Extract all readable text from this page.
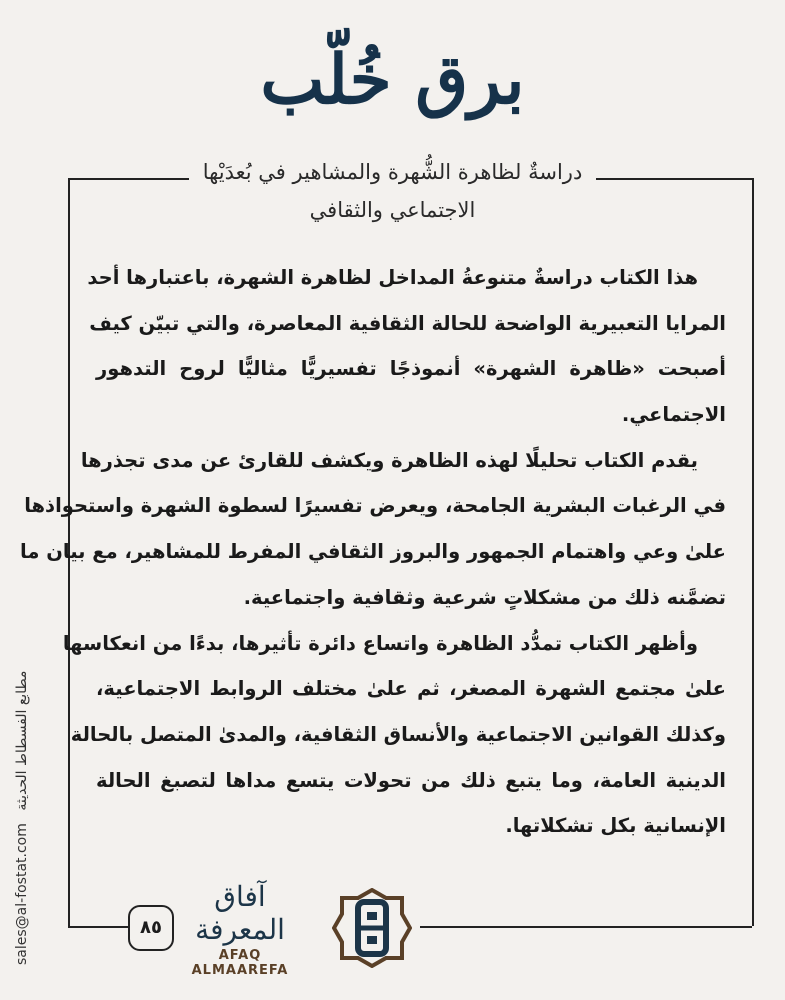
برق خُلّب
دراسةٌ لظاهرة الشُّهرة والمشاهير في بُعدَيْها
الاجتماعي والثقافي
هذا الكتاب دراسةٌ متنوعةُ المداخل لظاهرة الشهرة، باعتبارها أحد
المرايا التعبيرية الواضحة للحالة الثقافية المعاصرة، والتي تبيّن كيف
أصبحت «ظاهرة الشهرة» أنموذجًا تفسيريًّا مثاليًّا لروح التدهور
الاجتماعي.
يقدم الكتاب تحليلًا لهذه الظاهرة ويكشف للقارئ عن مدى تجذرها
في الرغبات البشرية الجامحة، ويعرض تفسيرًا لسطوة الشهرة واستحواذها
علىٰ وعي واهتمام الجمهور والبروز الثقافي المفرط للمشاهير، مع بيان ما
تضمَّنه ذلك من مشكلاتٍ شرعية وثقافية واجتماعية.
وأظهر الكتاب تمدُّد الظاهرة واتساع دائرة تأثيرها، بدءًا من انعكاسها
علىٰ مجتمع الشهرة المصغر، ثم علىٰ مختلف الروابط الاجتماعية،
وكذلك القوانين الاجتماعية والأنساق الثقافية، والمدىٰ المتصل بالحالة
الدينية العامة، وما يتبع ذلك من تحولات يتسع مداها لتصبغ الحالة
الإنسانية بكل تشكلاتها.
sales@al-fostat.com مطابع الفسطاط الحديثة
٨٥
آفاق المعرفة
AFAQ ALMAAREFA
